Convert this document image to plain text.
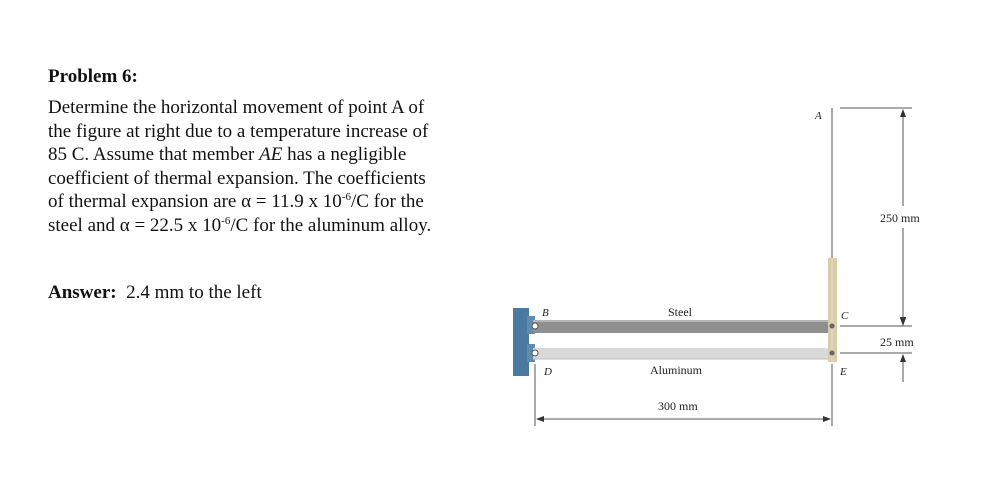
Problem 6:
Determine the horizontal movement of point A of
the figure at right due to a temperature increase of
85 C. Assume that member AE has a negligible
coefficient of thermal expansion. The coefficients
of thermal expansion are α = 11.9 x $10^{-6}/C$ for the
steel and α = 22.5 x $10^{-6}/C$ for the aluminum alloy.
Answer: 2.4 mm to the left
A
B	C
D	E
Steel
Aluminum
300 mm
250 mm
25 mm
